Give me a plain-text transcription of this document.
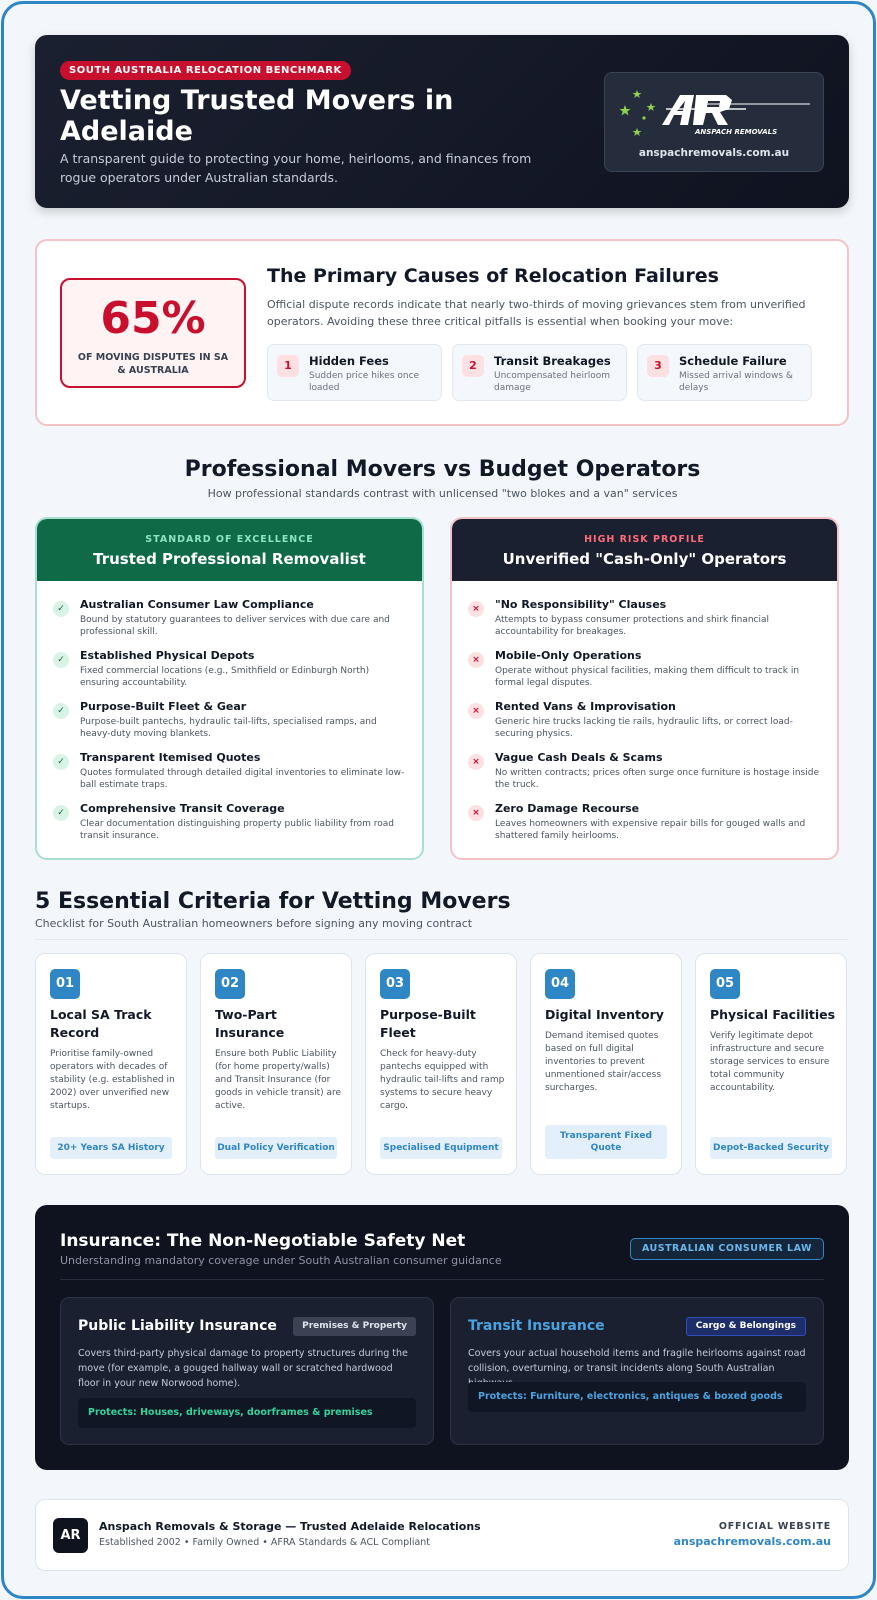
SOUTH AUSTRALIA RELOCATION BENCHMARK
Vetting Trusted Movers in Adelaide
A transparent guide to protecting your home, heirlooms, and finances from rogue operators under Australian standards.
ANSPACH REMOVALS
anspachremovals.com.au
65%
OF MOVING DISPUTES IN SA & AUSTRALIA
The Primary Causes of Relocation Failures
Official dispute records indicate that nearly two-thirds of moving grievances stem from unverified operators. Avoiding these three critical pitfalls is essential when booking your move:
1	Hidden Fees
Sudden price hikes once loaded
2	Transit Breakages
Uncompensated heirloom damage
3	Schedule Failure
Missed arrival windows & delays
Professional Movers vs Budget Operators
How professional standards contrast with unlicensed "two blokes and a van" services
STANDARD OF EXCELLENCE
Trusted Professional Removalist
✓	Australian Consumer Law Compliance
Bound by statutory guarantees to deliver services with due care and professional skill.
✓	Established Physical Depots
Fixed commercial locations (e.g., Smithfield or Edinburgh North) ensuring accountability.
✓	Purpose-Built Fleet & Gear
Purpose-built pantechs, hydraulic tail-lifts, specialised ramps, and heavy-duty moving blankets.
✓	Transparent Itemised Quotes
Quotes formulated through detailed digital inventories to eliminate low-ball estimate traps.
✓	Comprehensive Transit Coverage
Clear documentation distinguishing property public liability from road transit insurance.
HIGH RISK PROFILE
Unverified "Cash-Only" Operators
×	"No Responsibility" Clauses
Attempts to bypass consumer protections and shirk financial accountability for breakages.
×	Mobile-Only Operations
Operate without physical facilities, making them difficult to track in formal legal disputes.
×	Rented Vans & Improvisation
Generic hire trucks lacking tie rails, hydraulic lifts, or correct load-securing physics.
×	Vague Cash Deals & Scams
No written contracts; prices often surge once furniture is hostage inside the truck.
×	Zero Damage Recourse
Leaves homeowners with expensive repair bills for gouged walls and shattered family heirlooms.
5 Essential Criteria for Vetting Movers
Checklist for South Australian homeowners before signing any moving contract
01
Local SA Track Record
Prioritise family-owned operators with decades of stability (e.g. established in 2002) over unverified new startups.
20+ Years SA History
02
Two-Part Insurance
Ensure both Public Liability (for home property/walls) and Transit Insurance (for goods in vehicle transit) are active.
Dual Policy Verification
03
Purpose-Built Fleet
Check for heavy-duty pantechs equipped with hydraulic tail-lifts and ramp systems to secure heavy cargo.
Specialised Equipment
04
Digital Inventory
Demand itemised quotes based on full digital inventories to prevent unmentioned stair/access surcharges.
Transparent Fixed Quote
05
Physical Facilities
Verify legitimate depot infrastructure and secure storage services to ensure total community accountability.
Depot-Backed Security
Insurance: The Non-Negotiable Safety Net
Understanding mandatory coverage under South Australian consumer guidance
AUSTRALIAN CONSUMER LAW
Public Liability Insurance	Premises & Property
Covers third-party physical damage to property structures during the move (for example, a gouged hallway wall or scratched hardwood floor in your new Norwood home).
Protects: Houses, driveways, doorframes & premises
Transit Insurance	Cargo & Belongings
Covers your actual household items and fragile heirlooms against road collision, overturning, or transit incidents along South Australian
Protects: Furniture, electronics, antiques & boxed goods
AR
Anspach Removals & Storage — Trusted Adelaide Relocations
Established 2002 • Family Owned • AFRA Standards & ACL Compliant
OFFICIAL WEBSITE
anspachremovals.com.au
